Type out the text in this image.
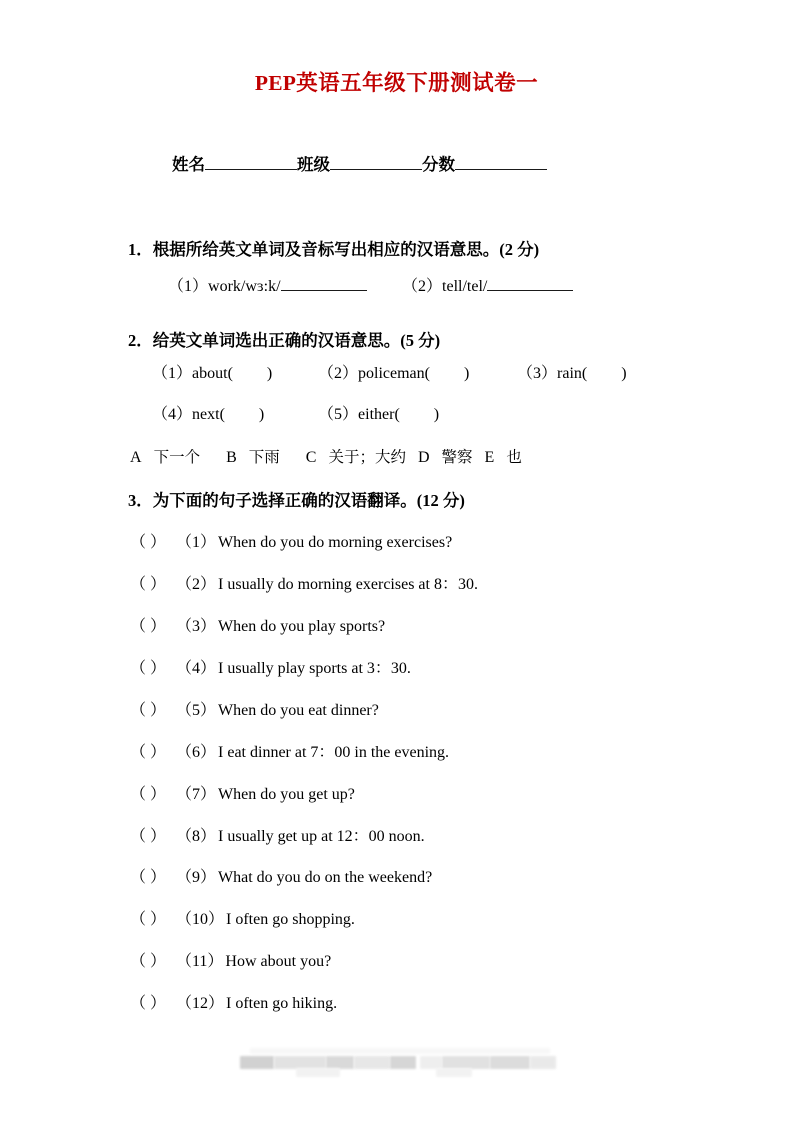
PEP英语五年级下册测试卷一
姓名	班级	分数
1．根据所给英文单词及音标写出相应的汉语意思。(2 分)
（1）work/wɜ:k/	（2）tell/tel/
2．给英文单词选出正确的汉语意思。(5 分)
（1）about( )	（2）policeman( )	（3）rain( )
（4）next( )	（5）either( )
A 下一个 B 下雨 C 关于；大约 D 警察 E 也
3．为下面的句子选择正确的汉语翻译。(12 分)
（ ） （1） When do you do morning exercises?
（ ） （2） I usually do morning exercises at 8：30.
（ ） （3） When do you play sports?
（ ） （4） I usually play sports at 3：30.
（ ） （5） When do you eat dinner?
（ ） （6） I eat dinner at 7：00 in the evening.
（ ） （7） When do you get up?
（ ） （8） I usually get up at 12：00 noon.
（ ） （9） What do you do on the weekend?
（ ） （10） I often go shopping.
（ ） （11） How about you?
（ ） （12） I often go hiking.
